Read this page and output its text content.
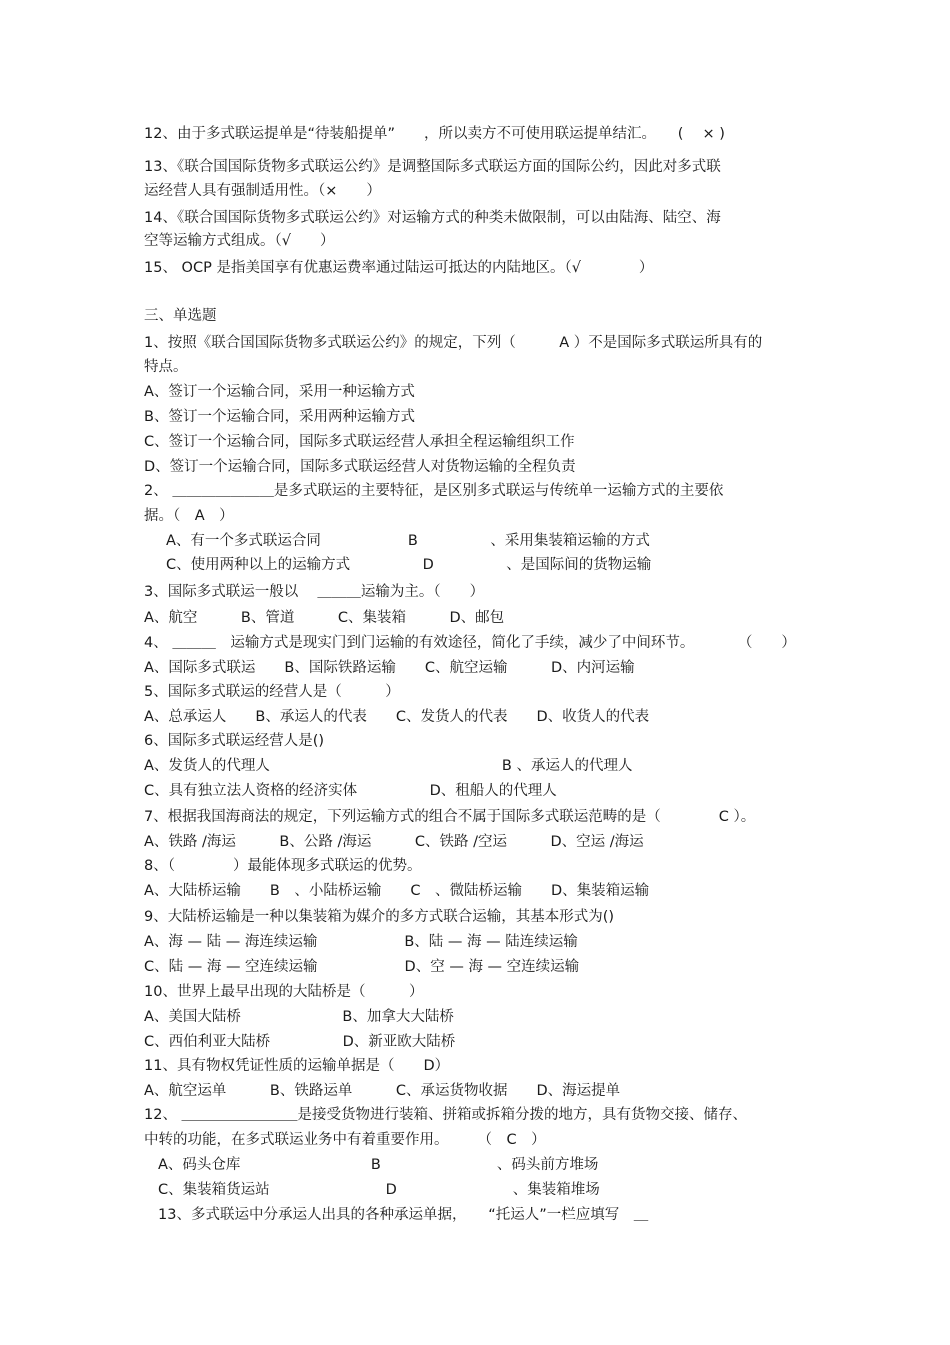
12、由于多式联运提单是“待装船提单”　　，所以卖方不可使用联运提单结汇。　　(　 × )

13、《联合国国际货物多式联运公约》是调整国际多式联运方面的国际公约，因此对多式联

运经营人具有强制适用性。（×　　）

14、《联合国国际货物多式联运公约》对运输方式的种类未做限制，可以由陆海、陆空、海

空等运输方式组成。（√　　）

15、 OCP 是指美国享有优惠运费率通过陆运可抵达的内陆地区。（√　　　　）

三、单选题

1、按照《联合国国际货物多式联运公约》的规定，下列（　　　A ）不是国际多式联运所具有的

特点。

A、签订一个运输合同，采用一种运输方式

B、签订一个运输合同，采用两种运输方式

C、签订一个运输合同，国际多式联运经营人承担全程运输组织工作

D、签订一个运输合同，国际多式联运经营人对货物运输的全程负责

2、 ＿＿＿＿＿＿＿是多式联运的主要特征，是区别多式联运与传统单一运输方式的主要依

据。（　A　）

A、有一个多式联运合同　　　　　　B　　　　　、采用集装箱运输的方式

C、使用两种以上的运输方式　　　　　D　　　　　、是国际间的货物运输

3、国际多式联运一般以　 ＿＿＿运输为主。（　　）

A、航空　　　B、管道　　　C、集装箱　　　D、邮包

4、 ＿＿＿　运输方式是现实门到门运输的有效途径，简化了手续，减少了中间环节。　　　　（　　）

A、国际多式联运　　B、国际铁路运输　　C、航空运输　　　D、内河运输

5、国际多式联运的经营人是（　　　）

A、总承运人　　B、承运人的代表　　C、发货人的代表　　D、收货人的代表

6、国际多式联运经营人是()

A、发货人的代理人　　　　　　　　　　　　　　　　B 、承运人的代理人

C、具有独立法人资格的经济实体　　　　　D、租船人的代理人

7、根据我国海商法的规定，下列运输方式的组合不属于国际多式联运范畴的是（　　　　C ）。

A、铁路 /海运　　　B、公路 /海运　　　C、铁路 /空运　　　D、空运 /海运

8、（　　　　）最能体现多式联运的优势。

A、大陆桥运输　　B　、小陆桥运输　　C　、微陆桥运输　　D、集装箱运输

9、大陆桥运输是一种以集装箱为媒介的多方式联合运输，其基本形式为()

A、海 — 陆 — 海连续运输　　　　　　B、陆 — 海 — 陆连续运输

C、陆 — 海 — 空连续运输　　　　　　D、空 — 海 — 空连续运输

10、世界上最早出现的大陆桥是（　　　）

A、美国大陆桥　　　　　　　B、加拿大大陆桥

C、西伯利亚大陆桥　　　　　D、新亚欧大陆桥

11、具有物权凭证性质的运输单据是（　　D）

A、航空运单　　　B、铁路运单　　　C、承运货物收据　　D、海运提单

12、 ＿＿＿＿＿＿＿＿是接受货物进行装箱、拼箱或拆箱分拨的地方，具有货物交接、储存、

中转的功能，在多式联运业务中有着重要作用。　　　（　C　）

A、码头仓库　　　　　　　　　B　　　　　　　　、码头前方堆场

C、集装箱货运站　　　　　　　　D　　　　　　　　、集装箱堆场

13、多式联运中分承运人出具的各种承运单据，　　“托运人”一栏应填写　＿
